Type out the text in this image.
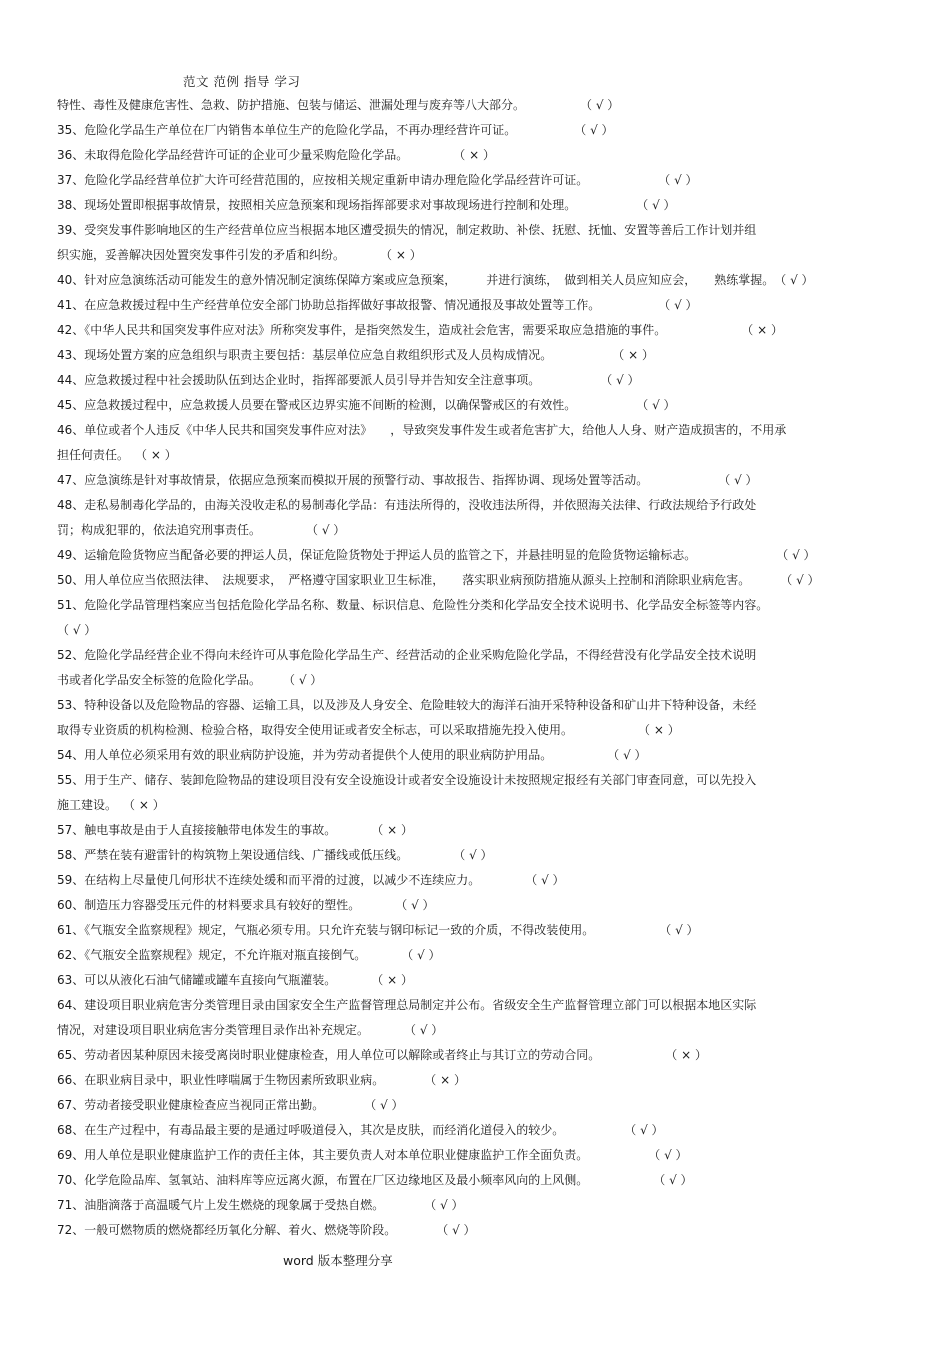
范文 范例 指导 学习
特性、毒性及健康危害性、急救、防护措施、包装与储运、泄漏处理与废弃等八大部分。	（ √ ）
35、危险化学品生产单位在厂内销售本单位生产的危险化学品，不再办理经营许可证。	（ √ ）
36、未取得危险化学品经营许可证的企业可少量采购危险化学品。	（ × ）
37、危险化学品经营单位扩大许可经营范围的，应按相关规定重新申请办理危险化学品经营许可证。	（ √ ）
38、现场处置即根据事故情景，按照相关应急预案和现场指挥部要求对事故现场进行控制和处理。	（ √ ）
39、受突发事件影响地区的生产经营单位应当根据本地区遭受损失的情况，制定救助、补偿、抚慰、抚恤、安置等善后工作计划并组
织实施，妥善解决因处置突发事件引发的矛盾和纠纷。	（ × ）
40、针对应急演练活动可能发生的意外情况制定演练保障方案或应急预案，　　　并进行演练，　做到相关人员应知应会，　　熟练掌握。（ √ ）
41、在应急救援过程中生产经营单位安全部门协助总指挥做好事故报警、情况通报及事故处置等工作。	（ √ ）
42、《中华人民共和国突发事件应对法》所称突发事件，是指突然发生，造成社会危害，需要采取应急措施的事件。	（ × ）
43、现场处置方案的应急组织与职责主要包括：基层单位应急自救组织形式及人员构成情况。	（ × ）
44、应急救援过程中社会援助队伍到达企业时，指挥部要派人员引导并告知安全注意事项。	（ √ ）
45、应急救援过程中，应急救援人员要在警戒区边界实施不间断的检测，以确保警戒区的有效性。	（ √ ）
46、单位或者个人违反《中华人民共和国突发事件应对法》　　，导致突发事件发生或者危害扩大，给他人人身、财产造成损害的，不用承
担任何责任。 （ × ）
47、应急演练是针对事故情景，依据应急预案而模拟开展的预警行动、事故报告、指挥协调、现场处置等活动。	（ √ ）
48、走私易制毒化学品的，由海关没收走私的易制毒化学品：有违法所得的，没收违法所得，并依照海关法律、行政法规给予行政处
罚；构成犯罪的，依法追究刑事责任。	（ √ ）
49、运输危险货物应当配备必要的押运人员，保证危险货物处于押运人员的监管之下，并悬挂明显的危险货物运输标志。	（ √ ）
50、用人单位应当依照法律、　法规要求，　严格遵守国家职业卫生标准，　　落实职业病预防措施从源头上控制和消除职业病危害。	（ √ ）
51、危险化学品管理档案应当包括危险化学品名称、数量、标识信息、危险性分类和化学品安全技术说明书、化学品安全标签等内容。
（ √ ）
52、危险化学品经营企业不得向未经许可从事危险化学品生产、经营活动的企业采购危险化学品，不得经营没有化学品安全技术说明
书或者化学品安全标签的危险化学品。 （ √ ）
53、特种设备以及危险物品的容器、运输工具，以及涉及人身安全、危险畦较大的海洋石油开采特种设备和矿山井下特种设备，未经
取得专业资质的机构检测、检验合格，取得安全使用证或者安全标志，可以采取措施先投入使用。	（ × ）
54、用人单位必须采用有效的职业病防护设施，并为劳动者提供个人使用的职业病防护用品。	（ √ ）
55、用于生产、储存、装卸危险物品的建设项目没有安全设施设计或者安全设施设计未按照规定报经有关部门审查同意，可以先投入
施工建设。 （ × ）
57、触电事故是由于人直接接触带电体发生的事故。	（ × ）
58、严禁在装有避雷针的构筑物上架设通信线、广播线或低压线。	（ √ ）
59、在结构上尽量使几何形状不连续处缓和而平滑的过渡，以减少不连续应力。	（ √ ）
60、制造压力容器受压元件的材料要求具有较好的塑性。	（ √ ）
61、《气瓶安全监察规程》规定，气瓶必须专用。只允许充装与钢印标记一致的介质，不得改装使用。	（ √ ）
62、《气瓶安全监察规程》规定，不允许瓶对瓶直接倒气。	（ √ ）
63、可以从液化石油气储罐或罐车直接向气瓶灌装。	（ × ）
64、建设项目职业病危害分类管理目录由国家安全生产监督管理总局制定并公布。省级安全生产监督管理立部门可以根据本地区实际
情况，对建设项目职业病危害分类管理目录作出补充规定。	（ √ ）
65、劳动者因某种原因未接受离岗时职业健康检查，用人单位可以解除或者终止与其订立的劳动合同。	（ × ）
66、在职业病目录中，职业性哮喘属于生物因素所致职业病。	（ × ）
67、劳动者接受职业健康检查应当视同正常出勤。	（ √ ）
68、在生产过程中，有毒品最主要的是通过呼吸道侵入，其次是皮肤，而经消化道侵入的较少。	（ √ ）
69、用人单位是职业健康监护工作的责任主体，其主要负责人对本单位职业健康监护工作全面负责。	（ √ ）
70、化学危险品库、氢氧站、油料库等应远离火源，布置在厂区边缘地区及最小频率风向的上风侧。	（ √ ）
71、油脂滴落于高温暖气片上发生燃烧的现象属于受热自燃。	（ √ ）
72、一般可燃物质的燃烧都经历氧化分解、着火、燃烧等阶段。	（ √ ）
word 版本整理分享
